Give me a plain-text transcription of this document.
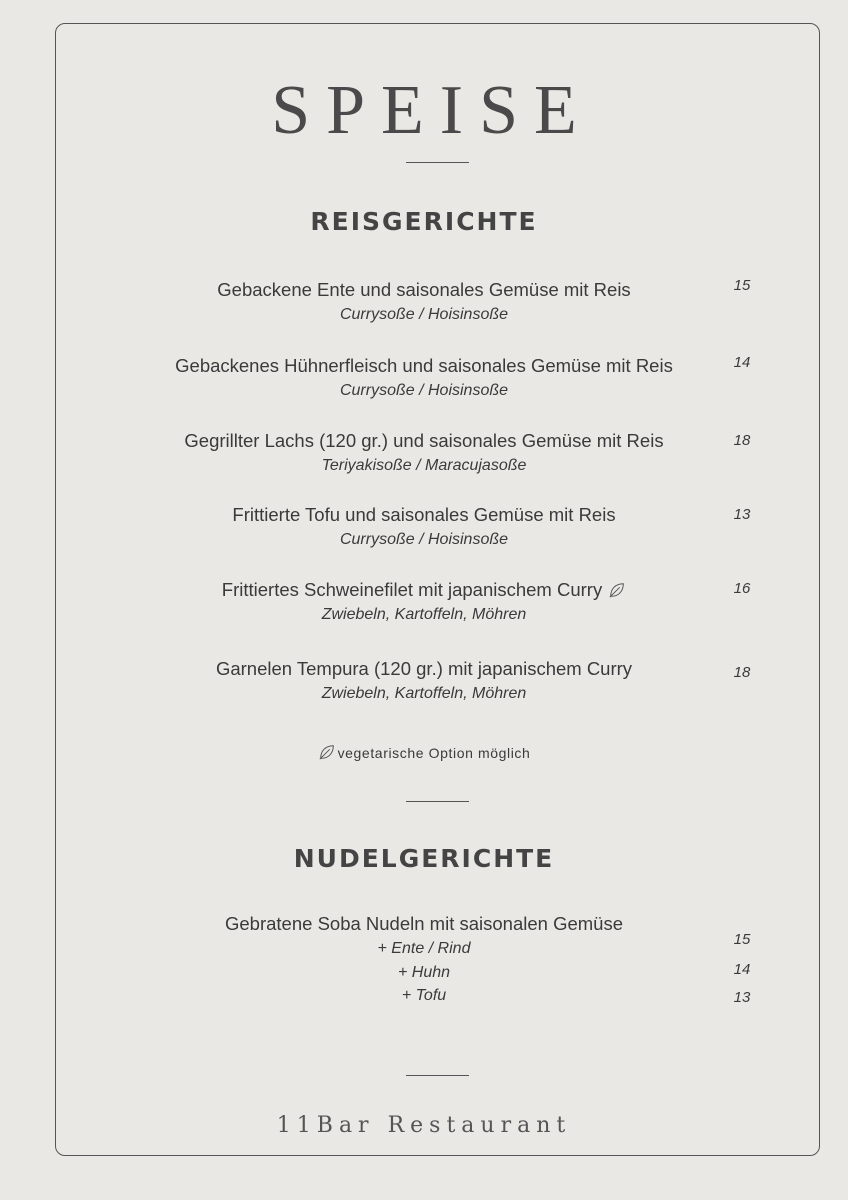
SPEISE
REISGERICHTE
Gebackene Ente und saisonales Gemüse mit Reis
Currysoße / Hoisinsoße
15
Gebackenes Hühnerfleisch und saisonales Gemüse mit Reis
Currysoße / Hoisinsoße
14
Gegrillter Lachs (120 gr.) und saisonales Gemüse mit Reis
Teriyakisoße / Maracujasoße
18
Frittierte Tofu und saisonales Gemüse mit Reis
Currysoße / Hoisinsoße
13
Frittiertes Schweinefilet mit japanischem Curry
Zwiebeln, Kartoffeln, Möhren
16
Garnelen Tempura (120 gr.) mit japanischem Curry
Zwiebeln, Kartoffeln, Möhren
18
vegetarische Option möglich
NUDELGERICHTE
Gebratene Soba Nudeln mit saisonalen Gemüse
+ Ente / Rind
+ Huhn
+ Tofu
15
14
13
11Bar Restaurant
